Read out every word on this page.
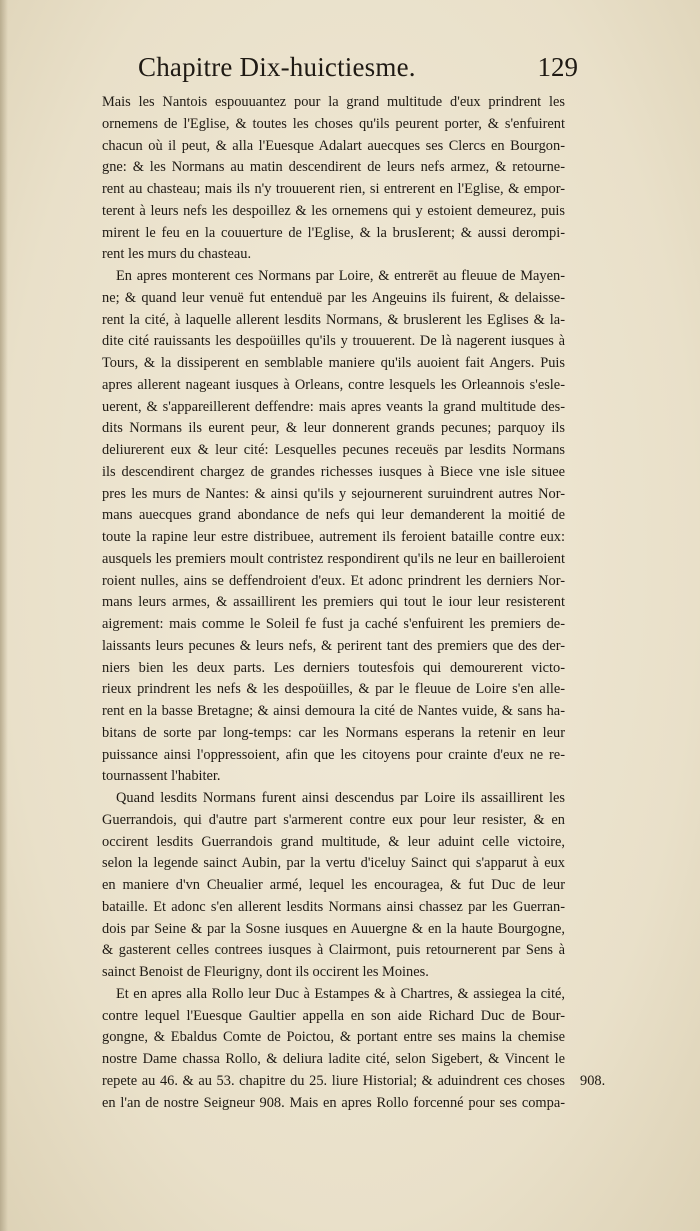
Chapitre Dix-huictiesme.	129
Mais les Nantois espouuantez pour la grand multitude d'eux prindrent les
ornemens de l'Eglise, & toutes les choses qu'ils peurent porter, & s'enfuirent
chacun où il peut, & alla l'Euesque Adalart auecques ses Clercs en Bourgon-
gne: & les Normans au matin descendirent de leurs nefs armez, & retourne-
rent au chasteau; mais ils n'y trouuerent rien, si entrerent en l'Eglise, & empor-
terent à leurs nefs les despoillez & les ornemens qui y estoient demeurez, puis
mirent le feu en la couuerture de l'Eglise, & la brusIerent; & aussi derompi-
rent les murs du chasteau.
En apres monterent ces Normans par Loire, & entrerēt au fleuue de Mayen-
ne; & quand leur venuë fut entenduë par les Angeuins ils fuirent, & delaisse-
rent la cité, à laquelle allerent lesdits Normans, & bruslerent les Eglises & la-
dite cité rauissants les despoüilles qu'ils y trouuerent. De là nagerent iusques à
Tours, & la dissiperent en semblable maniere qu'ils auoient fait Angers. Puis
apres allerent nageant iusques à Orleans, contre lesquels les Orleannois s'esle-
uerent, & s'appareillerent deffendre: mais apres veants la grand multitude des-
dits Normans ils eurent peur, & leur donnerent grands pecunes; parquoy ils
deliurerent eux & leur cité: Lesquelles pecunes receuës par lesdits Normans
ils descendirent chargez de grandes richesses iusques à Biece vne isle situee
pres les murs de Nantes: & ainsi qu'ils y sejournerent suruindrent autres Nor-
mans auecques grand abondance de nefs qui leur demanderent la moitié de
toute la rapine leur estre distribuee, autrement ils feroient bataille contre eux:
ausquels les premiers moult contristez respondirent qu'ils ne leur en bailleroient
roient nulles, ains se deffendroient d'eux. Et adonc prindrent les derniers Nor-
mans leurs armes, & assaillirent les premiers qui tout le iour leur resisterent
aigrement: mais comme le Soleil fe fust ja caché s'enfuirent les premiers de-
laissants leurs pecunes & leurs nefs, & perirent tant des premiers que des der-
niers bien les deux parts. Les derniers toutesfois qui demourerent victo-
rieux prindrent les nefs & les despoüilles, & par le fleuue de Loire s'en alle-
rent en la basse Bretagne; & ainsi demoura la cité de Nantes vuide, & sans ha-
bitans de sorte par long-temps: car les Normans esperans la retenir en leur
puissance ainsi l'oppressoient, afin que les citoyens pour crainte d'eux ne re-
tournassent l'habiter.
Quand lesdits Normans furent ainsi descendus par Loire ils assaillirent les
Guerrandois, qui d'autre part s'armerent contre eux pour leur resister, & en
occirent lesdits Guerrandois grand multitude, & leur aduint celle victoire,
selon la legende sainct Aubin, par la vertu d'iceluy Sainct qui s'apparut à eux
en maniere d'vn Cheualier armé, lequel les encouragea, & fut Duc de leur
bataille. Et adonc s'en allerent lesdits Normans ainsi chassez par les Guerran-
dois par Seine & par la Sosne iusques en Auuergne & en la haute Bourgogne,
& gasterent celles contrees iusques à Clairmont, puis retournerent par Sens à
sainct Benoist de Fleurigny, dont ils occirent les Moines.
Et en apres alla Rollo leur Duc à Estampes & à Chartres, & assiegea la cité,
contre lequel l'Euesque Gaultier appella en son aide Richard Duc de Bour-
gongne, & Ebaldus Comte de Poictou, & portant entre ses mains la chemise
nostre Dame chassa Rollo, & deliura ladite cité, selon Sigebert, & Vincent le
repete au 46. & au 53. chapitre du 25. liure Historial; & aduindrent ces choses
en l'an de nostre Seigneur 908. Mais en apres Rollo forcenné pour ses compa-
908.
